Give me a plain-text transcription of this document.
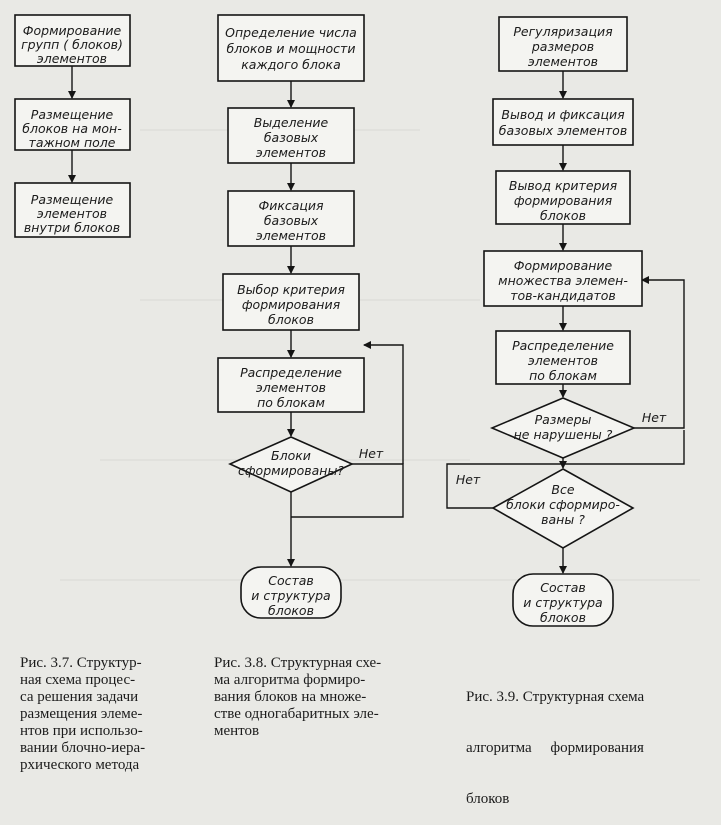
Формирование
групп ( блоков)
элементов
Размещение
блоков на мон-
тажном поле
Размещение
элементов
внутри блоков
Определение числа
блоков и мощности
каждого блока
Выделение
базовых
элементов
Фиксация
базовых
элементов
Выбор критерия
формирования
блоков
Распределение
элементов
по блокам
Блоки
сформированы?
Нет
Состав
и структура
блоков
Регуляризация
размеров
элементов
Вывод и фиксация
базовых элементов
Вывод критерия
формирования
блоков
Формирование
множества элемен-
тов-кандидатов
Распределение
элементов
по блокам
Размеры
не нарушены ?
Нет
Все
блоки сформиро-
ваны ?
Нет
Состав
и структура
блоков
Рис. 3.7. Структур-
ная схема процес-
са решения задачи
размещения элеме-
нтов при использо-
вании блочно-иера-
рхического метода
Рис. 3.8. Структурная схе-
ма алгоритма формиро-
вания блоков на множе-
стве одногабаритных эле-
ментов

Рис. 3.9. Структурная схема

алгоритма     формирования

блоков
